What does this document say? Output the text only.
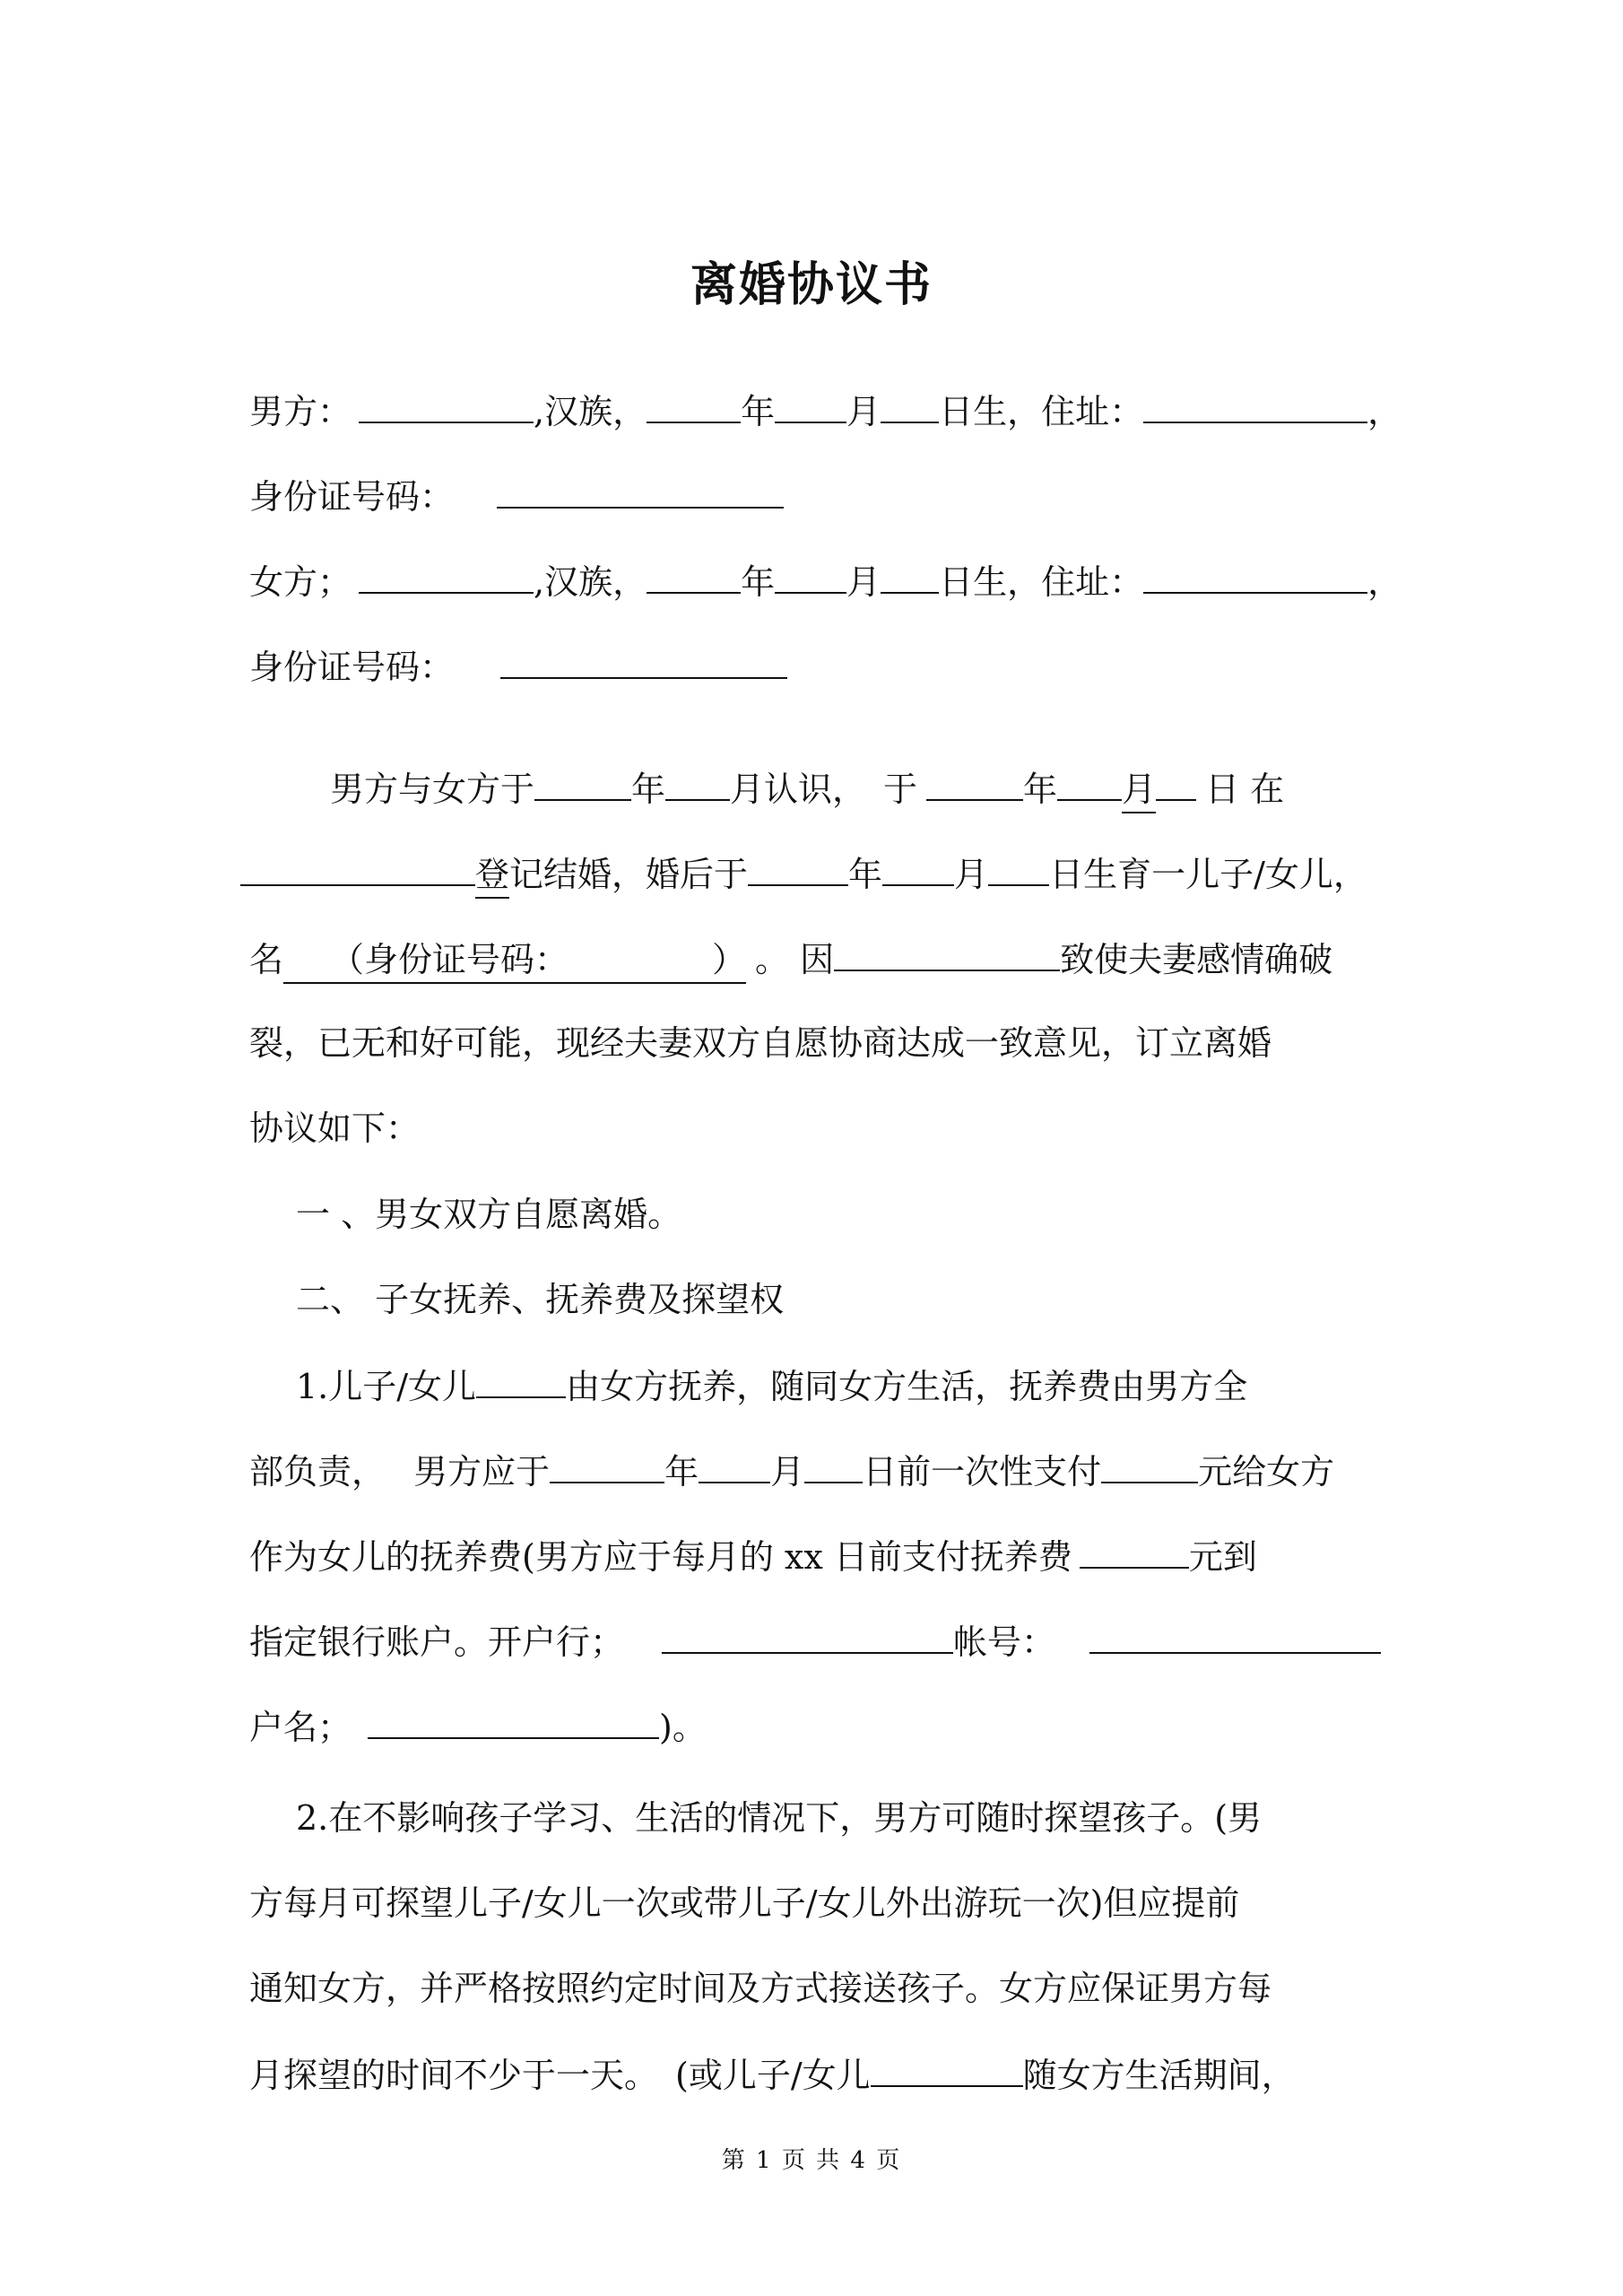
离婚协议书
男方：	,汉族，	年 月 日生，住址：	，
身份证号码：
女方；	,汉族，	年 月 日生，住址：	，
身份证号码：
男方与女方于	年 月认识，　于	年 月 日 在
登记结婚，婚后于	年 月 日生育一儿子/女儿，
名 （身份证号码：	） 。 因	致使夫妻感情确破
裂，已无和好可能，现经夫妻双方自愿协商达成一致意见，订立离婚
协议如下：
一 、男女双方自愿离婚。
二、 子女抚养、抚养费及探望权
1.儿子/女儿	由女方抚养，随同女方生活，抚养费由男方全
部负责，　 男方应于	年 月 日前一次性支付	元给女方
作为女儿的抚养费(男方应于每月的 xx 日前支付抚养费	元到
指定银行账户。开户行；	帐号：
户名；	)。
2.在不影响孩子学习、生活的情况下，男方可随时探望孩子。(男
方每月可探望儿子/女儿一次或带儿子/女儿外出游玩一次)但应提前
通知女方，并严格按照约定时间及方式接送孩子。女方应保证男方每
月探望的时间不少于一天。　(或儿子/女儿	随女方生活期间，
第 1 页 共 4 页
